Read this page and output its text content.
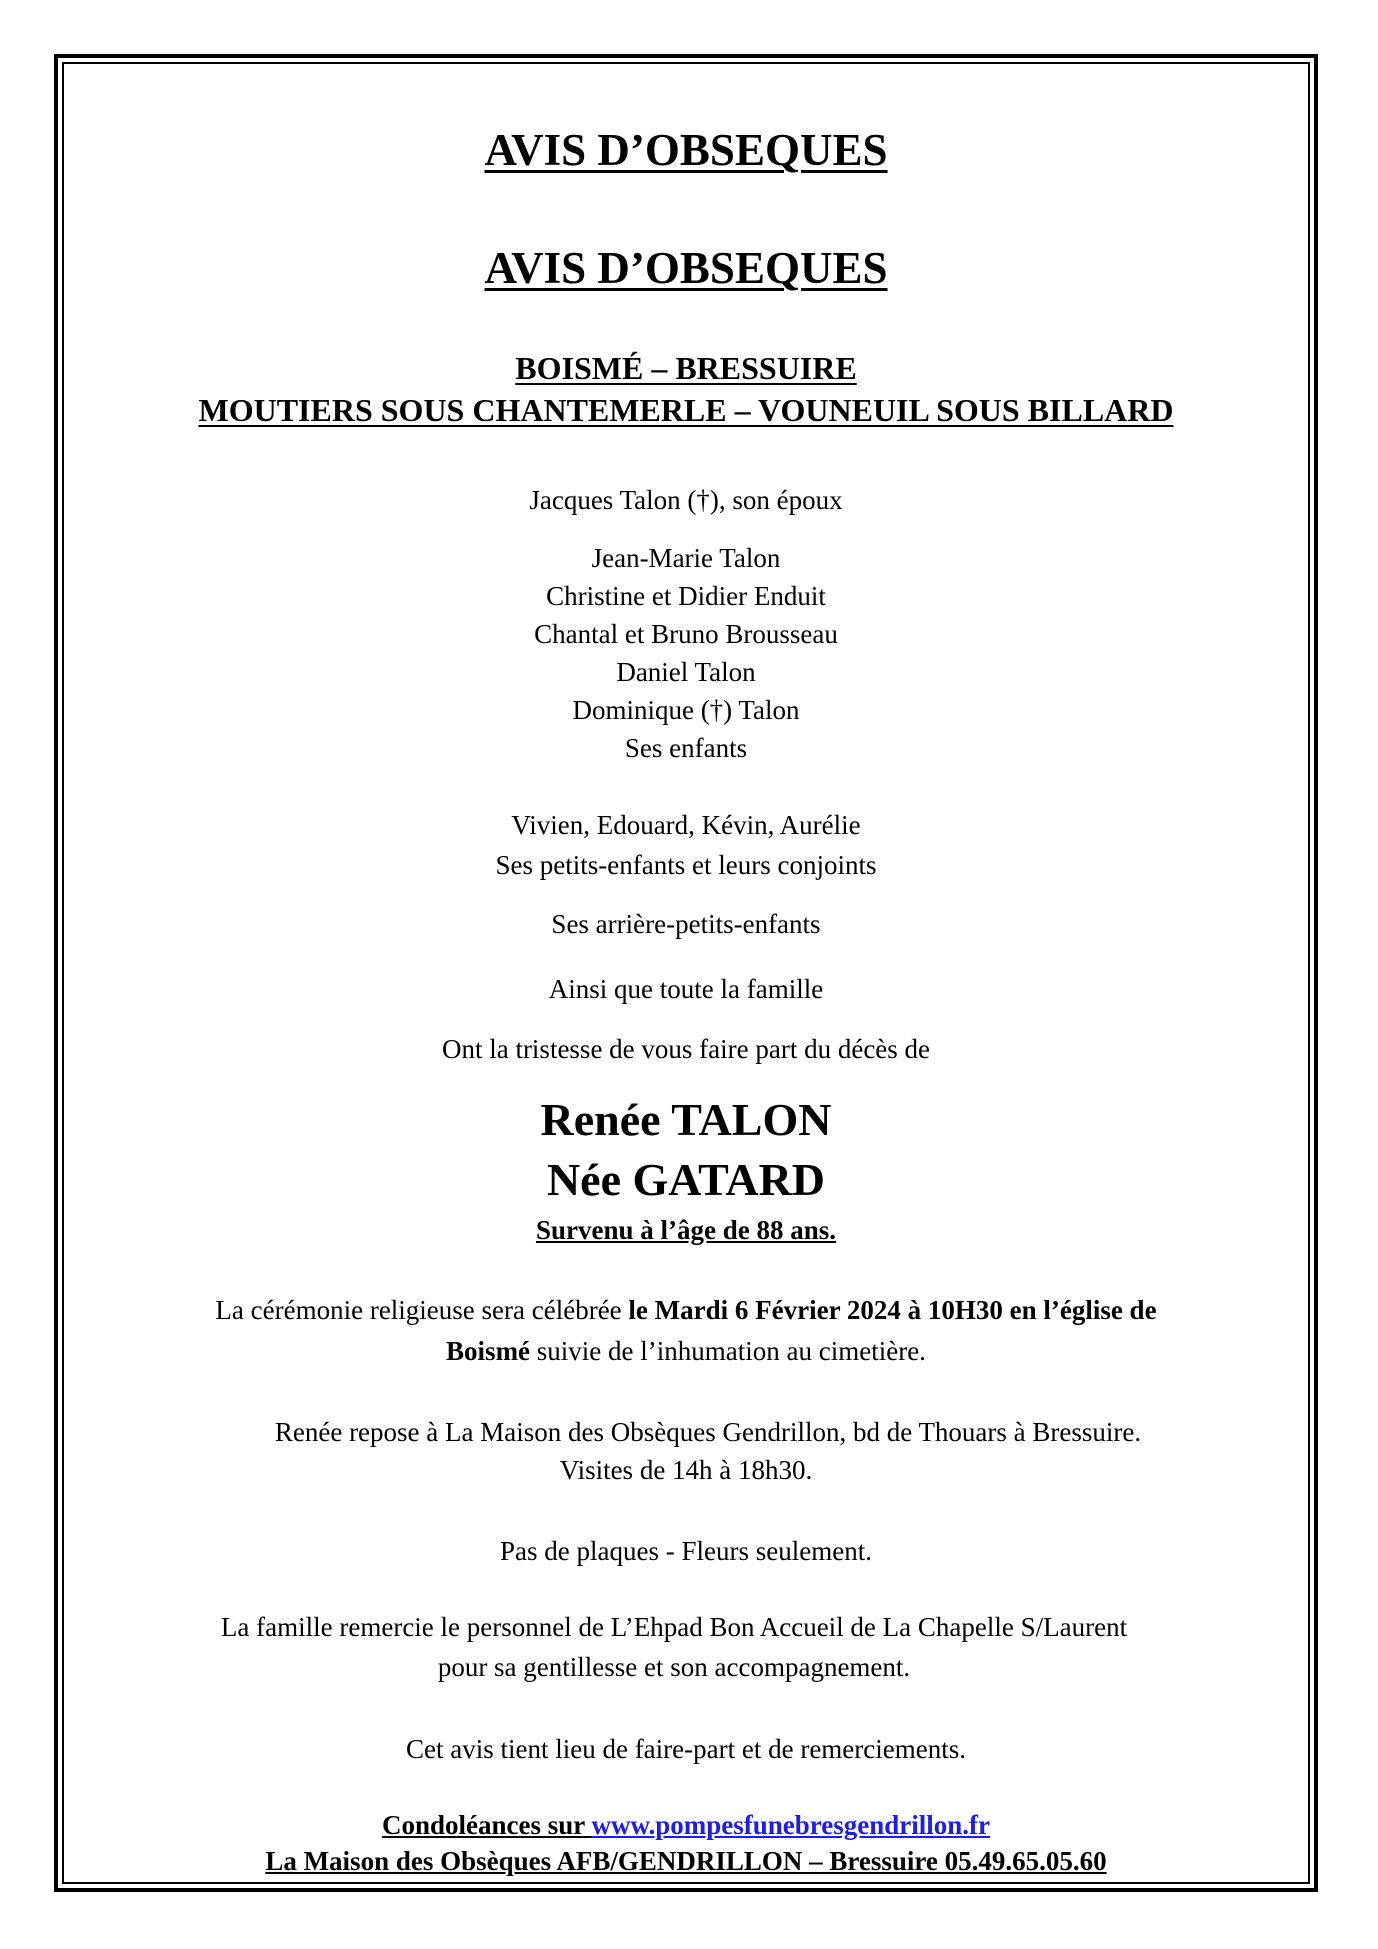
AVIS D’OBSEQUES
AVIS D’OBSEQUES
BOISMÉ – BRESSUIRE
MOUTIERS SOUS CHANTEMERLE – VOUNEUIL SOUS BILLARD
Jacques Talon (†), son époux
Jean-Marie Talon
Christine et Didier Enduit
Chantal et Bruno Brousseau
Daniel Talon
Dominique (†) Talon
Ses enfants
Vivien, Edouard, Kévin, Aurélie
Ses petits-enfants et leurs conjoints
Ses arrière-petits-enfants
Ainsi que toute la famille
Ont la tristesse de vous faire part du décès de
Renée TALON
Née GATARD
Survenu à l’âge de 88 ans.
La cérémonie religieuse sera célébrée le Mardi 6 Février 2024 à 10H30 en l’église de
Boismé suivie de l’inhumation au cimetière.
Renée repose à La Maison des Obsèques Gendrillon, bd de Thouars à Bressuire.
Visites de 14h à 18h30.
Pas de plaques - Fleurs seulement.
La famille remercie le personnel de L’Ehpad Bon Accueil de La Chapelle S/Laurent
pour sa gentillesse et son accompagnement.
Cet avis tient lieu de faire-part et de remerciements.
Condoléances sur www.pompesfunebresgendrillon.fr
La Maison des Obsèques AFB/GENDRILLON – Bressuire 05.49.65.05.60
